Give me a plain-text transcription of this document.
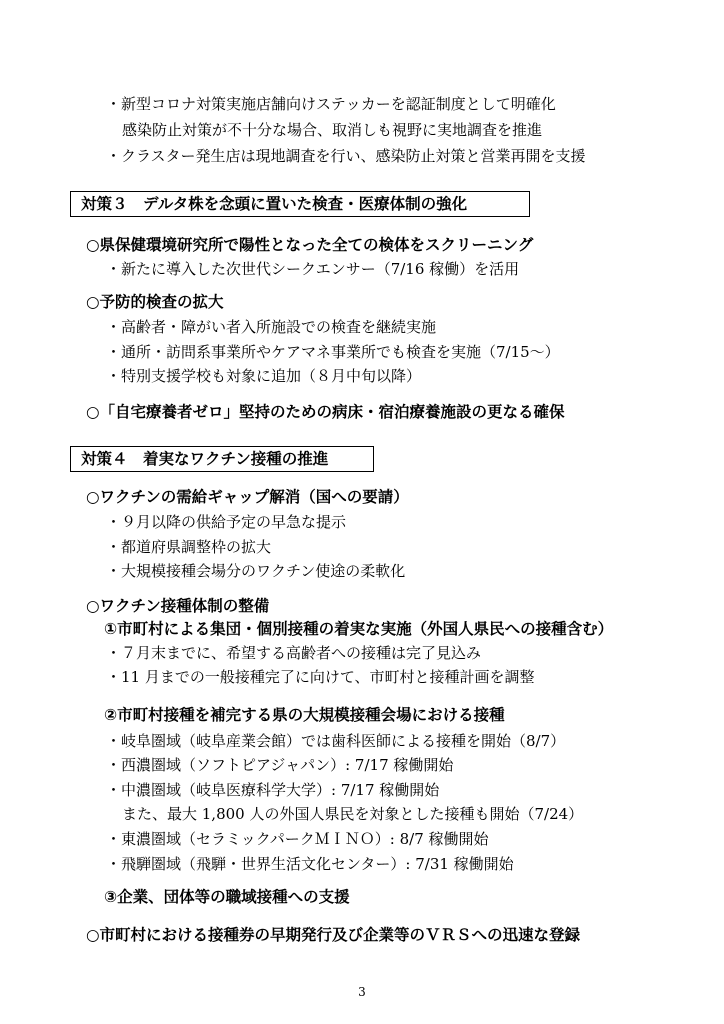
・新型コロナ対策実施店舗向けステッカーを認証制度として明確化
感染防止対策が不十分な場合、取消しも視野に実地調査を推進
・クラスター発生店は現地調査を行い、感染防止対策と営業再開を支援
対策３　デルタ株を念頭に置いた検査・医療体制の強化
○県保健環境研究所で陽性となった全ての検体をスクリーニング
・新たに導入した次世代シークエンサー（7/16 稼働）を活用
○予防的検査の拡大
・高齢者・障がい者入所施設での検査を継続実施
・通所・訪問系事業所やケアマネ事業所でも検査を実施（7/15～）
・特別支援学校も対象に追加（８月中旬以降）
○「自宅療養者ゼロ」堅持のための病床・宿泊療養施設の更なる確保
対策４　着実なワクチン接種の推進
○ワクチンの需給ギャップ解消（国への要請）
・９月以降の供給予定の早急な提示
・都道府県調整枠の拡大
・大規模接種会場分のワクチン使途の柔軟化
○ワクチン接種体制の整備
①市町村による集団・個別接種の着実な実施（外国人県民への接種含む）
・７月末までに、希望する高齢者への接種は完了見込み
・11 月までの一般接種完了に向けて、市町村と接種計画を調整
②市町村接種を補完する県の大規模接種会場における接種
・岐阜圏域（岐阜産業会館）では歯科医師による接種を開始（8/7）
・西濃圏域（ソフトピアジャパン）: 7/17 稼働開始
・中濃圏域（岐阜医療科学大学）: 7/17 稼働開始
また、最大 1,800 人の外国人県民を対象とした接種も開始（7/24）
・東濃圏域（セラミックパークＭＩＮＯ）: 8/7 稼働開始
・飛騨圏域（飛騨・世界生活文化センター）: 7/31 稼働開始
③企業、団体等の職域接種への支援
○市町村における接種券の早期発行及び企業等のＶＲＳへの迅速な登録
3
